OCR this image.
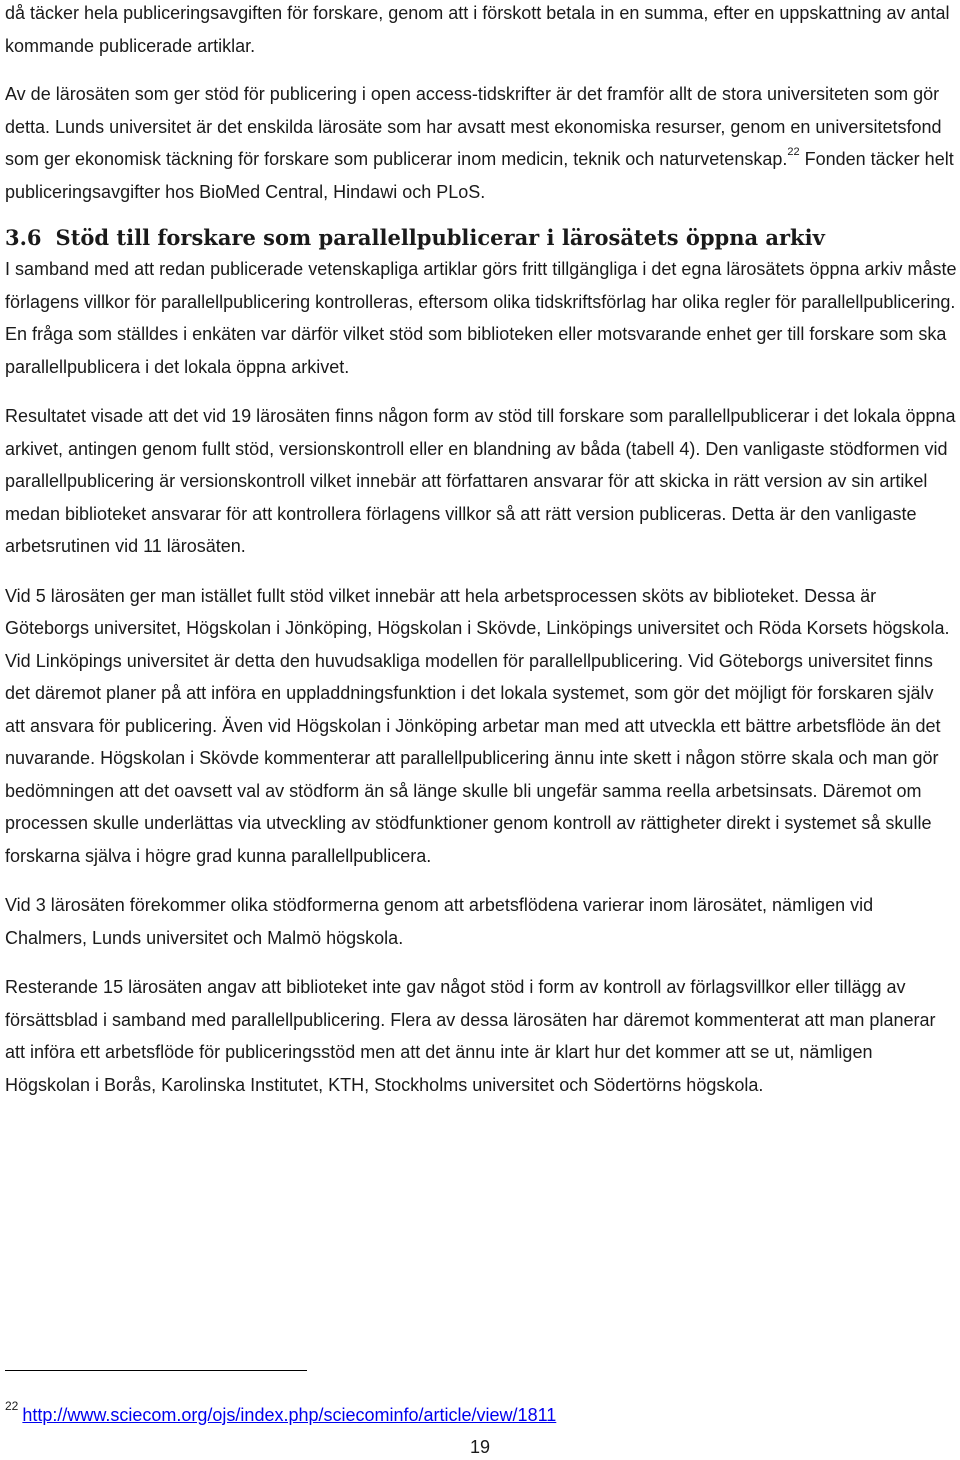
då täcker hela publiceringsavgiften för forskare, genom att i förskott betala in en summa, efter en uppskattning av antal kommande publicerade artiklar.

Av de lärosäten som ger stöd för publicering i open access-tidskrifter är det framför allt de stora universiteten som gör detta. Lunds universitet är det enskilda lärosäte som har avsatt mest ekonomiska resurser, genom en universitetsfond som ger ekonomisk täckning för forskare som publicerar inom medicin, teknik och naturvetenskap.$^{22}$ Fonden täcker helt publiceringsavgifter hos BioMed Central, Hindawi och PLoS.

3.6 Stöd till forskare som parallellpublicerar i lärosätets öppna arkiv

I samband med att redan publicerade vetenskapliga artiklar görs fritt tillgängliga i det egna lärosätets öppna arkiv måste förlagens villkor för parallellpublicering kontrolleras, eftersom olika tidskriftsförlag har olika regler för parallellpublicering. En fråga som ställdes i enkäten var därför vilket stöd som biblioteken eller motsvarande enhet ger till forskare som ska parallellpublicera i det lokala öppna arkivet.

Resultatet visade att det vid 19 lärosäten finns någon form av stöd till forskare som parallellpublicerar i det lokala öppna arkivet, antingen genom fullt stöd, versionskontroll eller en blandning av båda (tabell 4). Den vanligaste stödformen vid parallellpublicering är versionskontroll vilket innebär att författaren ansvarar för att skicka in rätt version av sin artikel medan biblioteket ansvarar för att kontrollera förlagens villkor så att rätt version publiceras. Detta är den vanligaste arbetsrutinen vid 11 lärosäten.

Vid 5 lärosäten ger man istället fullt stöd vilket innebär att hela arbetsprocessen sköts av biblioteket. Dessa är Göteborgs universitet, Högskolan i Jönköping, Högskolan i Skövde, Linköpings universitet och Röda Korsets högskola. Vid Linköpings universitet är detta den huvudsakliga modellen för parallellpublicering. Vid Göteborgs universitet finns det däremot planer på att införa en uppladdningsfunktion i det lokala systemet, som gör det möjligt för forskaren själv att ansvara för publicering. Även vid Högskolan i Jönköping arbetar man med att utveckla ett bättre arbetsflöde än det nuvarande. Högskolan i Skövde kommenterar att parallellpublicering ännu inte skett i någon större skala och man gör bedömningen att det oavsett val av stödform än så länge skulle bli ungefär samma reella arbetsinsats. Däremot om processen skulle underlättas via utveckling av stödfunktioner genom kontroll av rättigheter direkt i systemet så skulle forskarna själva i högre grad kunna parallellpublicera.

Vid 3 lärosäten förekommer olika stödformerna genom att arbetsflödena varierar inom lärosätet, nämligen vid Chalmers, Lunds universitet och Malmö högskola.

Resterande 15 lärosäten angav att biblioteket inte gav något stöd i form av kontroll av förlagsvillkor eller tillägg av försättsblad i samband med parallellpublicering. Flera av dessa lärosäten har däremot kommenterat att man planerar att införa ett arbetsflöde för publiceringsstöd men att det ännu inte är klart hur det kommer att se ut, nämligen Högskolan i Borås, Karolinska Institutet, KTH, Stockholms universitet och Södertörns högskola.

$^{22}$ http://www.sciecom.org/ojs/index.php/sciecominfo/article/view/1811
19
